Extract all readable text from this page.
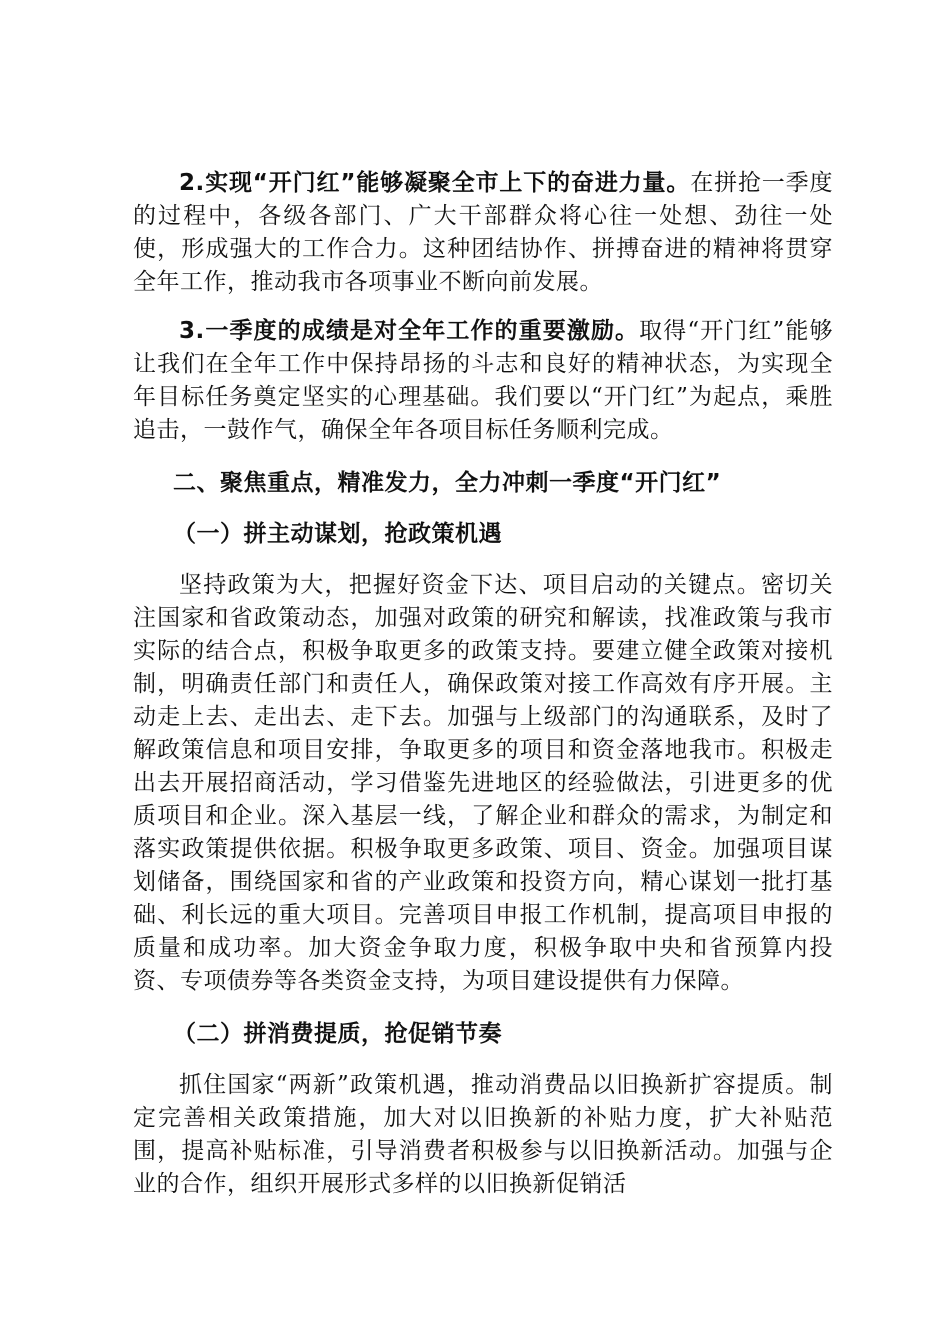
2.实现“开门红”能够凝聚全市上下的奋进力量。在拼抢一季度的过程中，各级各部门、广大干部群众将心往一处想、劲往一处使，形成强大的工作合力。这种团结协作、拼搏奋进的精神将贯穿全年工作，推动我市各项事业不断向前发展。

3.一季度的成绩是对全年工作的重要激励。取得“开门红”能够让我们在全年工作中保持昂扬的斗志和良好的精神状态，为实现全年目标任务奠定坚实的心理基础。我们要以“开门红”为起点，乘胜追击，一鼓作气，确保全年各项目标任务顺利完成。

二、聚焦重点，精准发力，全力冲刺一季度“开门红”
（一）拼主动谋划，抢政策机遇

坚持政策为大，把握好资金下达、项目启动的关键点。密切关注国家和省政策动态，加强对政策的研究和解读，找准政策与我市实际的结合点，积极争取更多的政策支持。要建立健全政策对接机制，明确责任部门和责任人，确保政策对接工作高效有序开展。主动走上去、走出去、走下去。加强与上级部门的沟通联系，及时了解政策信息和项目安排，争取更多的项目和资金落地我市。积极走出去开展招商活动，学习借鉴先进地区的经验做法，引进更多的优质项目和企业。深入基层一线，了解企业和群众的需求，为制定和落实政策提供依据。积极争取更多政策、项目、资金。加强项目谋划储备，围绕国家和省的产业政策和投资方向，精心谋划一批打基础、利长远的重大项目。完善项目申报工作机制，提高项目申报的质量和成功率。加大资金争取力度，积极争取中央和省预算内投资、专项债券等各类资金支持，为项目建设提供有力保障。

（二）拼消费提质，抢促销节奏

抓住国家“两新”政策机遇，推动消费品以旧换新扩容提质。制定完善相关政策措施，加大对以旧换新的补贴力度，扩大补贴范围，提高补贴标准，引导消费者积极参与以旧换新活动。加强与企业的合作，组织开展形式多样的以旧换新促销活
